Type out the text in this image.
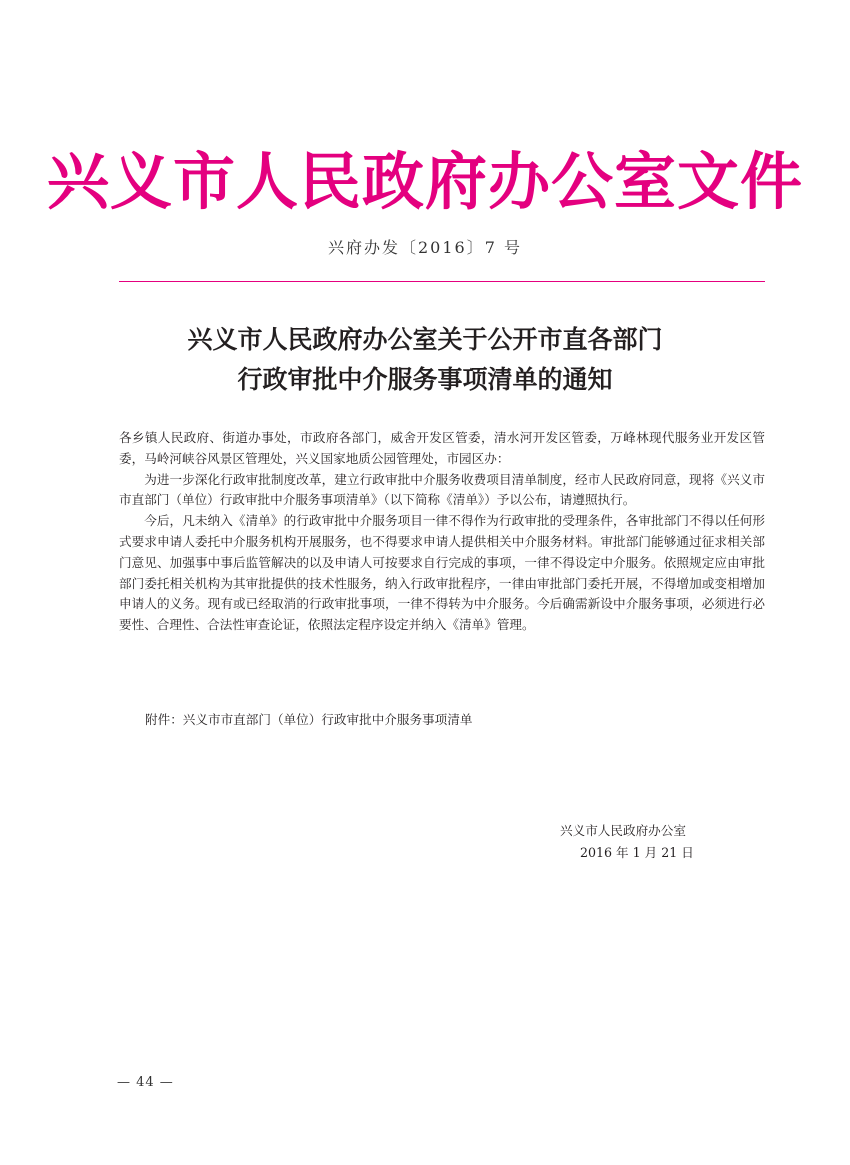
兴义市人民政府办公室文件
兴府办发〔2016〕7 号
兴义市人民政府办公室关于公开市直各部门
行政审批中介服务事项清单的通知

各乡镇人民政府、街道办事处，市政府各部门，威舍开发区管委，清水河开发区管委，万峰林现代服务业开发区管委，马岭河峡谷风景区管理处，兴义国家地质公园管理处，市园区办：

为进一步深化行政审批制度改革，建立行政审批中介服务收费项目清单制度，经市人民政府同意，现将《兴义市市直部门（单位）行政审批中介服务事项清单》（以下简称《清单》）予以公布，请遵照执行。

今后，凡未纳入《清单》的行政审批中介服务项目一律不得作为行政审批的受理条件，各审批部门不得以任何形式要求申请人委托中介服务机构开展服务，也不得要求申请人提供相关中介服务材料。审批部门能够通过征求相关部门意见、加强事中事后监管解决的以及申请人可按要求自行完成的事项，一律不得设定中介服务。依照规定应由审批部门委托相关机构为其审批提供的技术性服务，纳入行政审批程序，一律由审批部门委托开展，不得增加或变相增加申请人的义务。现有或已经取消的行政审批事项，一律不得转为中介服务。今后确需新设中介服务事项，必须进行必要性、合理性、合法性审查论证，依照法定程序设定并纳入《清单》管理。

附件：兴义市市直部门（单位）行政审批中介服务事项清单
兴义市人民政府办公室
2016 年 1 月 21 日
— 44 —
